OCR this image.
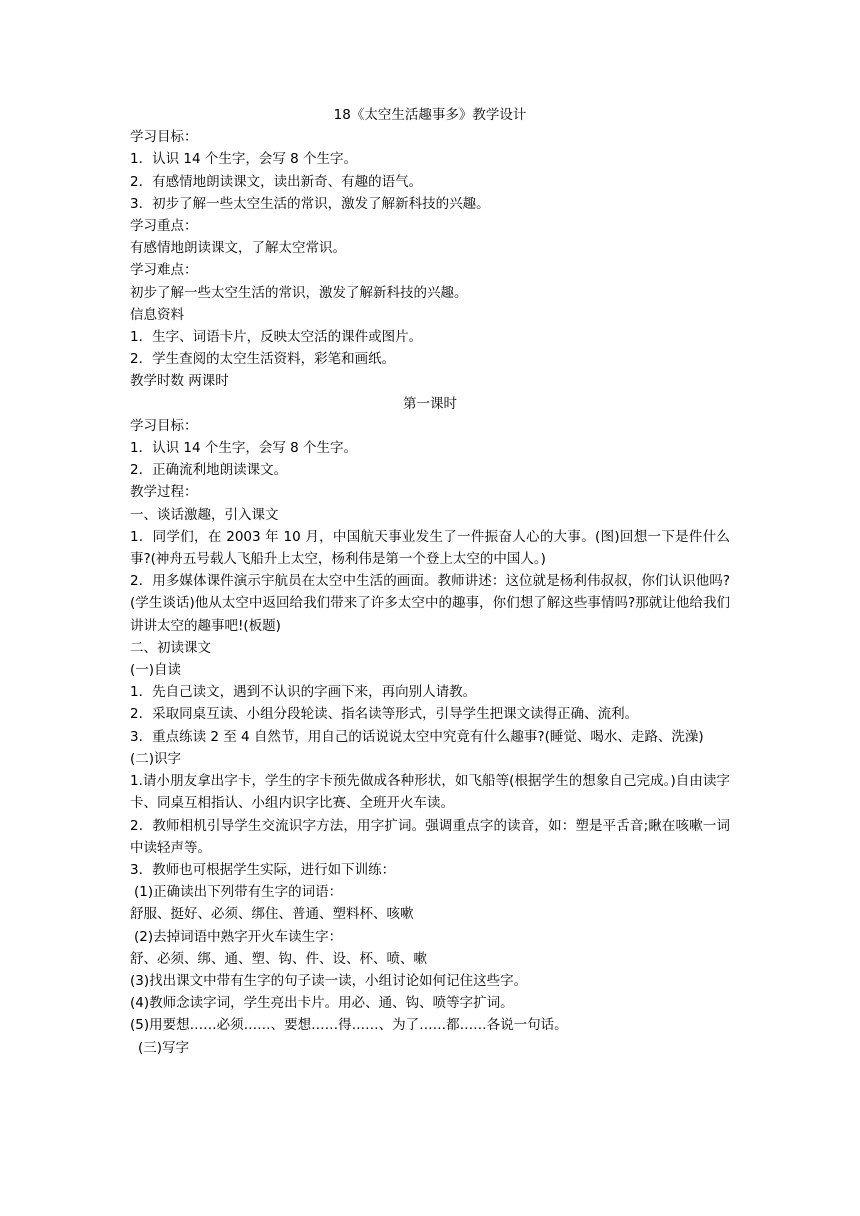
18《太空生活趣事多》教学设计

学习目标：

1．认识 14 个生字，会写 8 个生字。

2．有感情地朗读课文，读出新奇、有趣的语气。

3．初步了解一些太空生活的常识，激发了解新科技的兴趣。

学习重点：

有感情地朗读课文，了解太空常识。

学习难点：

初步了解一些太空生活的常识，激发了解新科技的兴趣。

信息资料

1．生字、词语卡片，反映太空活的课件或图片。

2．学生查阅的太空生活资料，彩笔和画纸。

教学时数 两课时

第一课时

学习目标：

1．认识 14 个生字，会写 8 个生字。

2．正确流利地朗读课文。

教学过程：

一、谈话激趣，引入课文

1．同学们，在 2003 年 10 月，中国航天事业发生了一件振奋人心的大事。(图)回想一下是件什么事?(神舟五号载人飞船升上太空，杨利伟是第一个登上太空的中国人。)

2．用多媒体课件演示宇航员在太空中生活的画面。教师讲述：这位就是杨利伟叔叔，你们认识他吗?(学生谈话)他从太空中返回给我们带来了许多太空中的趣事，你们想了解这些事情吗?那就让他给我们讲讲太空的趣事吧!(板题)

二、初读课文

(一)自读

1．先自己读文，遇到不认识的字画下来，再向别人请教。

2．采取同桌互读、小组分段轮读、指名读等形式，引导学生把课文读得正确、流利。

3．重点练读 2 至 4 自然节，用自己的话说说太空中究竟有什么趣事?(睡觉、喝水、走路、洗澡)

(二)识字

1.请小朋友拿出字卡，学生的字卡预先做成各种形状，如飞船等(根据学生的想象自己完成。)自由读字卡、同桌互相指认、小组内识字比赛、全班开火车读。

2．教师相机引导学生交流识字方法，用字扩词。强调重点字的读音，如：塑是平舌音;瞅在咳嗽一词中读轻声等。

3．教师也可根据学生实际，进行如下训练：

(1)正确读出下列带有生字的词语：

舒服、挺好、必须、绑住、普通、塑料杯、咳嗽

(2)去掉词语中熟字开火车读生字：

舒、必须、绑、通、塑、钩、件、设、杯、喷、嗽

(3)找出课文中带有生字的句子读一读，小组讨论如何记住这些字。

(4)教师念读字词，学生亮出卡片。用必、通、钩、喷等字扩词。

(5)用要想……必须……、要想……得……、为了……都……各说一句话。

(三)写字
